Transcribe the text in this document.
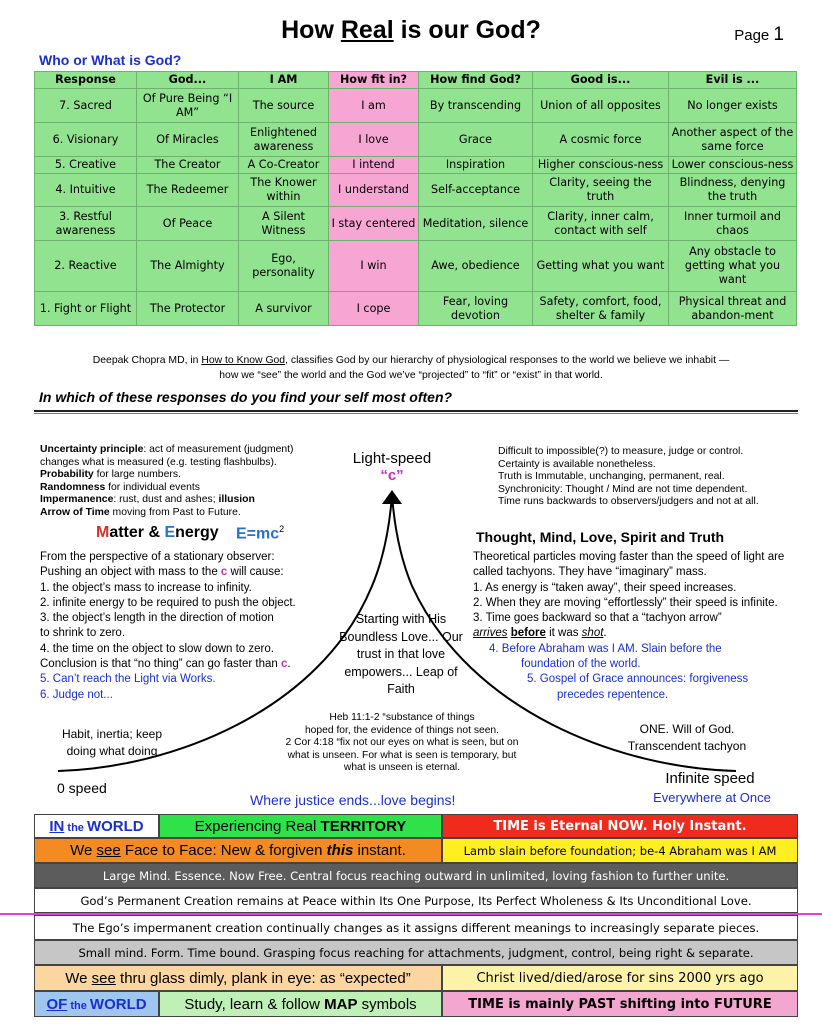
How Real is our God?	Page 1
Who or What is God?
Response	God...	I AM	How fit in?	How find God?	Good is...	Evil is ...
7. Sacred	Of Pure Being “I AM”	The source	I am	By transcending	Union of all opposites	No longer exists
6. Visionary	Of Miracles	Enlightened awareness	I love	Grace	A cosmic force	Another aspect of the same force
5. Creative	The Creator	A Co-Creator	I intend	Inspiration	Higher conscious-ness	Lower conscious-ness
4. Intuitive	The Redeemer	The Knower within	I understand	Self-acceptance	Clarity, seeing the truth	Blindness, denying the truth
3. Restful awareness	Of Peace	A Silent Witness	I stay centered	Meditation, silence	Clarity, inner calm, contact with self	Inner turmoil and chaos
2. Reactive	The Almighty	Ego, personality	I win	Awe, obedience	Getting what you want	Any obstacle to getting what you want
1. Fight or Flight	The Protector	A survivor	I cope	Fear, loving devotion	Safety, comfort, food, shelter & family	Physical threat and abandon-ment
Deepak Chopra MD, in How to Know God, classifies God by our hierarchy of physiological responses to the world we believe we inhabit —
how we “see” the world and the God we’ve “projected” to “fit” or “exist” in that world.
In which of these responses do you find your self most often?
Uncertainty principle: act of measurement (judgment)
changes what is measured (e.g. testing flashbulbs).
Probability for large numbers.
Randomness for individual events
Impermanence: rust, dust and ashes; illusion
Arrow of Time moving from Past to Future.
Matter & Energy $E=mc^2$
From the perspective of a stationary observer:
Pushing an object with mass to the c will cause:
1. the object’s mass to increase to infinity.
2. infinite energy to be required to push the object.
3. the object’s length in the direction of motion
to shrink to zero.
4. the time on the object to slow down to zero.
Conclusion is that “no thing” can go faster than c.
5. Can’t reach the Light via Works.
6. Judge not...
Habit, inertia; keep doing what doing
0 speed
Light-speed
“c”
Starting with His Boundless Love... Our trust in that love empowers... Leap of Faith
Heb 11:1-2 “substance of things
hoped for, the evidence of things not seen.
2 Cor 4:18 “fix not our eyes on what is seen, but on
what is unseen. For what is seen is temporary, but
what is unseen is eternal.
Difficult to impossible(?) to measure, judge or control.
Certainty is available nonetheless.
Truth is Immutable, unchanging, permanent, real.
Synchronicity: Thought / Mind are not time dependent.
Time runs backwards to observers/judgers and not at all.
Thought, Mind, Love, Spirit and Truth
Theoretical particles moving faster than the speed of light are called tachyons. They have “imaginary” mass.
1. As energy is “taken away”, their speed increases.
2. When they are moving “effortlessly” their speed is infinite.
3. Time goes backward so that a “tachyon arrow”
arrives before it was shot.
4. Before Abraham was I AM. Slain before the
foundation of the world.
5. Gospel of Grace announces: forgiveness
precedes repentence.
ONE. Will of God. Transcendent tachyon
Infinite speed
Everywhere at Once
Where justice ends...love begins!
IN the WORLD	Experiencing Real TERRITORY	TIME is Eternal NOW. Holy Instant.
We see Face to Face: New & forgiven this instant.	Lamb slain before foundation; be-4 Abraham was I AM
Large Mind. Essence. Now Free. Central focus reaching outward in unlimited, loving fashion to further unite.
God’s Permanent Creation remains at Peace within Its One Purpose, Its Perfect Wholeness & Its Unconditional Love.
The Ego’s impermanent creation continually changes as it assigns different meanings to increasingly separate pieces.
Small mind. Form. Time bound. Grasping focus reaching for attachments, judgment, control, being right & separate.
We see thru glass dimly, plank in eye: as “expected”	Christ lived/died/arose for sins 2000 yrs ago
OF the WORLD	Study, learn & follow MAP symbols	TIME is mainly PAST shifting into FUTURE
